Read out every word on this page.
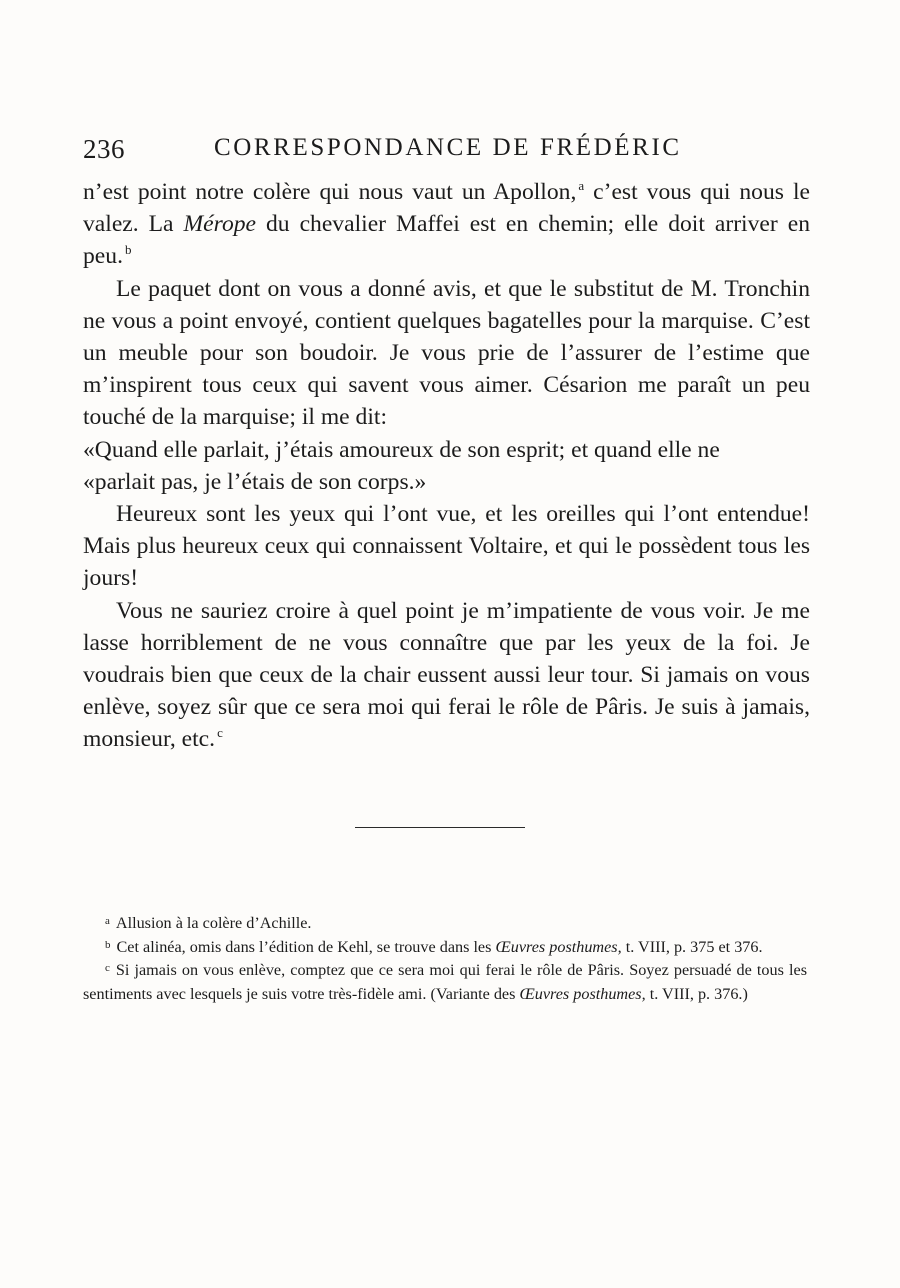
236	CORRESPONDANCE DE FRÉDÉRIC

n’est point notre colère qui nous vaut un Apollon, $^a$ c’est vous qui nous le valez. La Mérope du chevalier Maffei est en chemin; elle doit arriver en peu. $^b$

Le paquet dont on vous a donné avis, et que le substitut de M. Tronchin ne vous a point envoyé, contient quelques bagatelles pour la marquise. C’est un meuble pour son boudoir. Je vous prie de l’assurer de l’estime que m’inspirent tous ceux qui savent vous aimer. Césarion me paraît un peu touché de la marquise; il me dit:

«Quand elle parlait, j’étais amoureux de son esprit; et quand elle ne

«parlait pas, je l’étais de son corps.»

Heureux sont les yeux qui l’ont vue, et les oreilles qui l’ont entendue! Mais plus heureux ceux qui connaissent Voltaire, et qui le possèdent tous les jours!

Vous ne sauriez croire à quel point je m’impatiente de vous voir. Je me lasse horriblement de ne vous connaître que par les yeux de la foi. Je voudrais bien que ceux de la chair eussent aussi leur tour. Si jamais on vous enlève, soyez sûr que ce sera moi qui ferai le rôle de Pâris. Je suis à jamais, monsieur, etc. $^c$

$^a$ Allusion à la colère d’Achille.

$^b$ Cet alinéa, omis dans l’édition de Kehl, se trouve dans les Œuvres posthumes, t. VIII, p. 375 et 376.

$^c$ Si jamais on vous enlève, comptez que ce sera moi qui ferai le rôle de Pâris. Soyez persuadé de tous les sentiments avec lesquels je suis votre très-fidèle ami. (Variante des Œuvres posthumes, t. VIII, p. 376.)
